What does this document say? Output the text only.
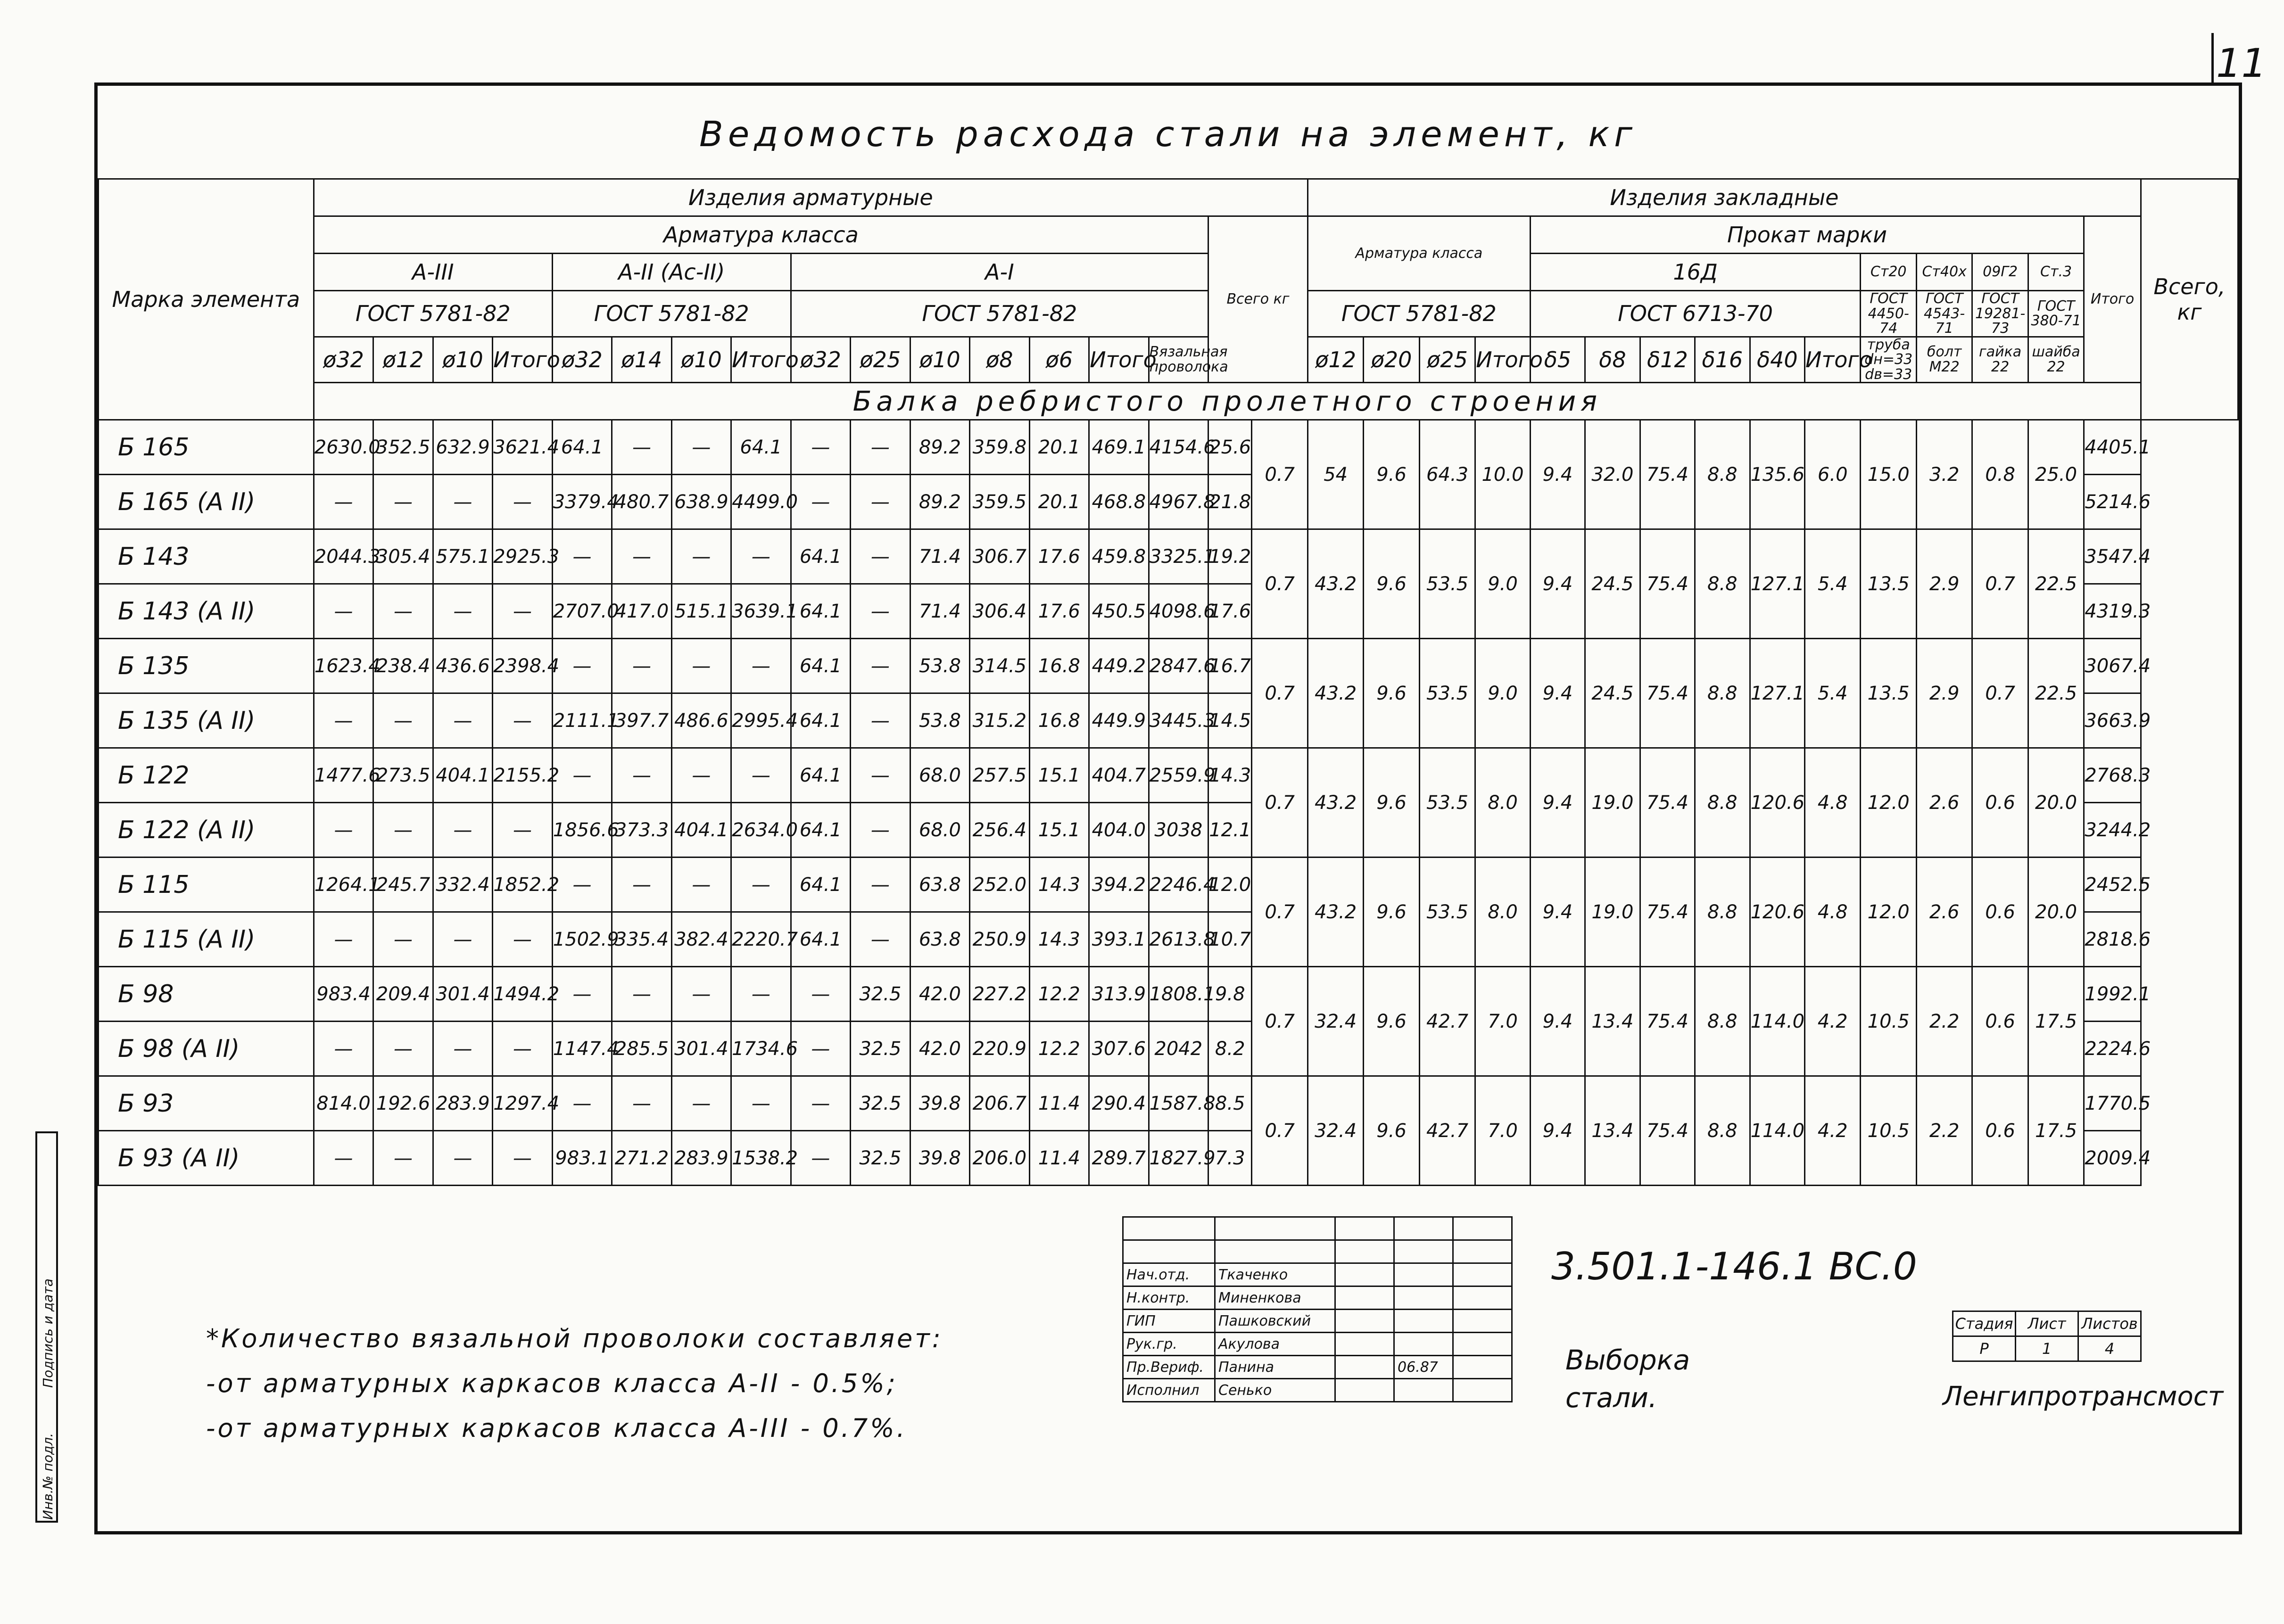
11
Инв.№ подл.
Подпись и дата
Ведомость расхода стали на элемент, кг
Марка элемента	Изделия арматурные																	Изделия закладные															Всего, кг
	Арматура класса															Всего кг		Арматура класса				Прокат марки										Итого	
	A-III				A-II (Aс-II)				A-I													16Д						Ст20	Ст40х	09Г2	Ст.3		
	ГОСТ 5781-82				ГОСТ 5781-82				ГОСТ 5781-82									ГОСТ 5781-82				ГОСТ 6713-70						ГОСТ 4450-74	ГОСТ 4543-71	ГОСТ 19281-73	ГОСТ 380-71		
	ø32	ø12	ø10	Итого	ø32	ø14	ø10	Итого	ø32	ø25	ø10	ø8	ø6	Итого	Вязальная проволока			ø12	ø20	ø25	Итого	δ5	δ8	δ12	δ16	δ40	Итого	труба dн=33 dв=33	болт М22	гайка 22	шайба 22		
	Балка ребристого пролетного строения																																
Б 165	2630.0	352.5	632.9	3621.4	64.1	—	—	64.1	—	—	89.2	359.8	20.1	469.1	4154.6	25.6	0.7	54	9.6	64.3	10.0	9.4	32.0	75.4	8.8	135.6	6.0	15.0	3.2	0.8	25.0	4405.1	
Б 165 (A II)	—	—	—	—	3379.4	480.7	638.9	4499.0	—	—	89.2	359.5	20.1	468.8	4967.8	21.8																5214.6	
Б 143	2044.3	305.4	575.1	2925.3	—	—	—	—	64.1	—	71.4	306.7	17.6	459.8	3325.1	19.2	0.7	43.2	9.6	53.5	9.0	9.4	24.5	75.4	8.8	127.1	5.4	13.5	2.9	0.7	22.5	3547.4	
Б 143 (A II)	—	—	—	—	2707.0	417.0	515.1	3639.1	64.1	—	71.4	306.4	17.6	450.5	4098.6	17.6																4319.3	
Б 135	1623.4	238.4	436.6	2398.4	—	—	—	—	64.1	—	53.8	314.5	16.8	449.2	2847.6	16.7	0.7	43.2	9.6	53.5	9.0	9.4	24.5	75.4	8.8	127.1	5.4	13.5	2.9	0.7	22.5	3067.4	
Б 135 (A II)	—	—	—	—	2111.1	397.7	486.6	2995.4	64.1	—	53.8	315.2	16.8	449.9	3445.3	14.5																3663.9	
Б 122	1477.6	273.5	404.1	2155.2	—	—	—	—	64.1	—	68.0	257.5	15.1	404.7	2559.9	14.3	0.7	43.2	9.6	53.5	8.0	9.4	19.0	75.4	8.8	120.6	4.8	12.0	2.6	0.6	20.0	2768.3	
Б 122 (A II)	—	—	—	—	1856.6	373.3	404.1	2634.0	64.1	—	68.0	256.4	15.1	404.0	3038	12.1																3244.2	
Б 115	1264.1	245.7	332.4	1852.2	—	—	—	—	64.1	—	63.8	252.0	14.3	394.2	2246.4	12.0	0.7	43.2	9.6	53.5	8.0	9.4	19.0	75.4	8.8	120.6	4.8	12.0	2.6	0.6	20.0	2452.5	
Б 115 (A II)	—	—	—	—	1502.9	335.4	382.4	2220.7	64.1	—	63.8	250.9	14.3	393.1	2613.8	10.7																2818.6	
Б 98	983.4	209.4	301.4	1494.2	—	—	—	—	—	32.5	42.0	227.2	12.2	313.9	1808.1	9.8	0.7	32.4	9.6	42.7	7.0	9.4	13.4	75.4	8.8	114.0	4.2	10.5	2.2	0.6	17.5	1992.1	
Б 98 (A II)	—	—	—	—	1147.4	285.5	301.4	1734.6	—	32.5	42.0	220.9	12.2	307.6	2042	8.2																2224.6	
Б 93	814.0	192.6	283.9	1297.4	—	—	—	—	—	32.5	39.8	206.7	11.4	290.4	1587.8	8.5	0.7	32.4	9.6	42.7	7.0	9.4	13.4	75.4	8.8	114.0	4.2	10.5	2.2	0.6	17.5	1770.5	
Б 93 (A II)	—	—	—	—	983.1	271.2	283.9	1538.2	—	32.5	39.8	206.0	11.4	289.7	1827.9	7.3																2009.4	
*Количество вязальной проволоки составляет:
-от арматурных каркасов класса A-II - 0.5%;
-от арматурных каркасов класса A-III - 0.7%.

Нач.отд.	Ткаченко			
Н.контр.	Миненкова			
ГИП	Пашковский			
Рук.гр.	Акулова			
Пр.Вериф.	Панина		06.87	
Исполнил	Сенько			
3.501.1-146.1 ВС.0
Выборка
стали.
Стадия	Лист	Листов
Р	1	4
Ленгипротрансмост
